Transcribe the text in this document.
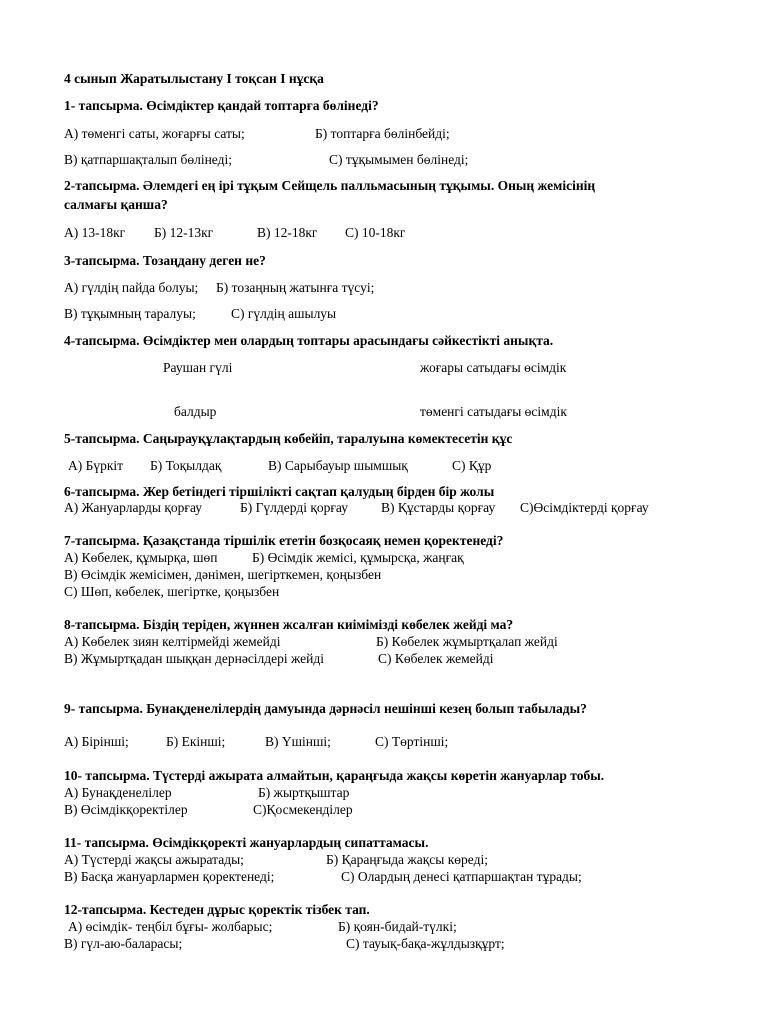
4 сынып Жаратылыстану І тоқсан І нұсқа
1- тапсырма. Өсімдіктер қандай топтарға бөлінеді?
А) төменгі саты, жоғарғы саты;	Б) топтарға бөлінбейді;
В) қатпаршақталып бөлінеді;	С) тұқымымен бөлінеді;
2-тапсырма. Әлемдегі ең ірі тұқым Сейщель палльмасының тұқымы. Оның жемісінің
салмағы қанша?
А) 13-18кг Б) 12-13кг	В) 12-18кг С) 10-18кг
3-тапсырма. Тозаңдану деген не?
А) гүлдің пайда болуы; Б) тозаңның жатынға түсуі;
В) тұқымның таралуы;	С) гүлдің ашылуы
4-тапсырма. Өсімдіктер мен олардың топтары арасындағы сәйкестікті анықта.
Раушан гүлі	жоғары сатыдағы өсімдік
балдыр	төменгі сатыдағы өсімдік
5-тапсырма. Саңырауқұлақтардың көбейіп, таралуына көмектесетін құс
А) Бүркіт Б) Тоқылдақ	В) Сарыбауыр шымшық	С) Құр
6-тапсырма. Жер бетіндегі тіршілікті сақтап қалудың бірден бір жолы
А) Жануарларды қорғау	Б) Гүлдерді қорғау В) Құстарды қорғау С)Өсімдіктерді қорғау
7-тапсырма. Қазақстанда тіршілік ететін бозқосаяқ немен қоректенеді?
А) Көбелек, құмырқа, шөп	Б) Өсімдік жемісі, құмырсқа, жаңғақ
В) Өсімдік жемісімен, дәнімен, шегірткемен, қоңызбен
С) Шөп, көбелек, шегіртке, қоңызбен
8-тапсырма. Біздің теріден, жүннен жсалған киімімізді көбелек жейді ма?
А) Көбелек зиян келтірмейді жемейді	Б) Көбелек жұмыртқалап жейді
В) Жұмыртқадан шыққан дернәсілдері жейді	С) Көбелек жемейді
9- тапсырма. Бунақденелілердің дамуында дәрнәсіл нешінші кезең болып табылады?
А) Бірінші;	Б) Екінші;	В) Үшінші;	С) Төртінші;
10- тапсырма. Түстерді ажырата алмайтын, қараңғыда жақсы көретін жануарлар тобы.
А) Бунақденелілер	Б) жыртқыштар
В) Өсімдікқоректілер	С)Қосмекенділер
11- тапсырма. Өсімдікқоректі жануарлардың сипаттамасы.
А) Түстерді жақсы ажыратады;	Б) Қараңғыда жақсы көреді;
В) Басқа жануарлармен қоректенеді;	С) Олардың денесі қатпаршақтан тұрады;
12-тапсырма. Кестеден дұрыс қоректік тізбек тап.
А) өсімдік- теңбіл бұғы- жолбарыс;	Б) қоян-бидай-түлкі;
В) гүл-аю-баларасы;	С) тауық-бақа-жұлдызқұрт;
